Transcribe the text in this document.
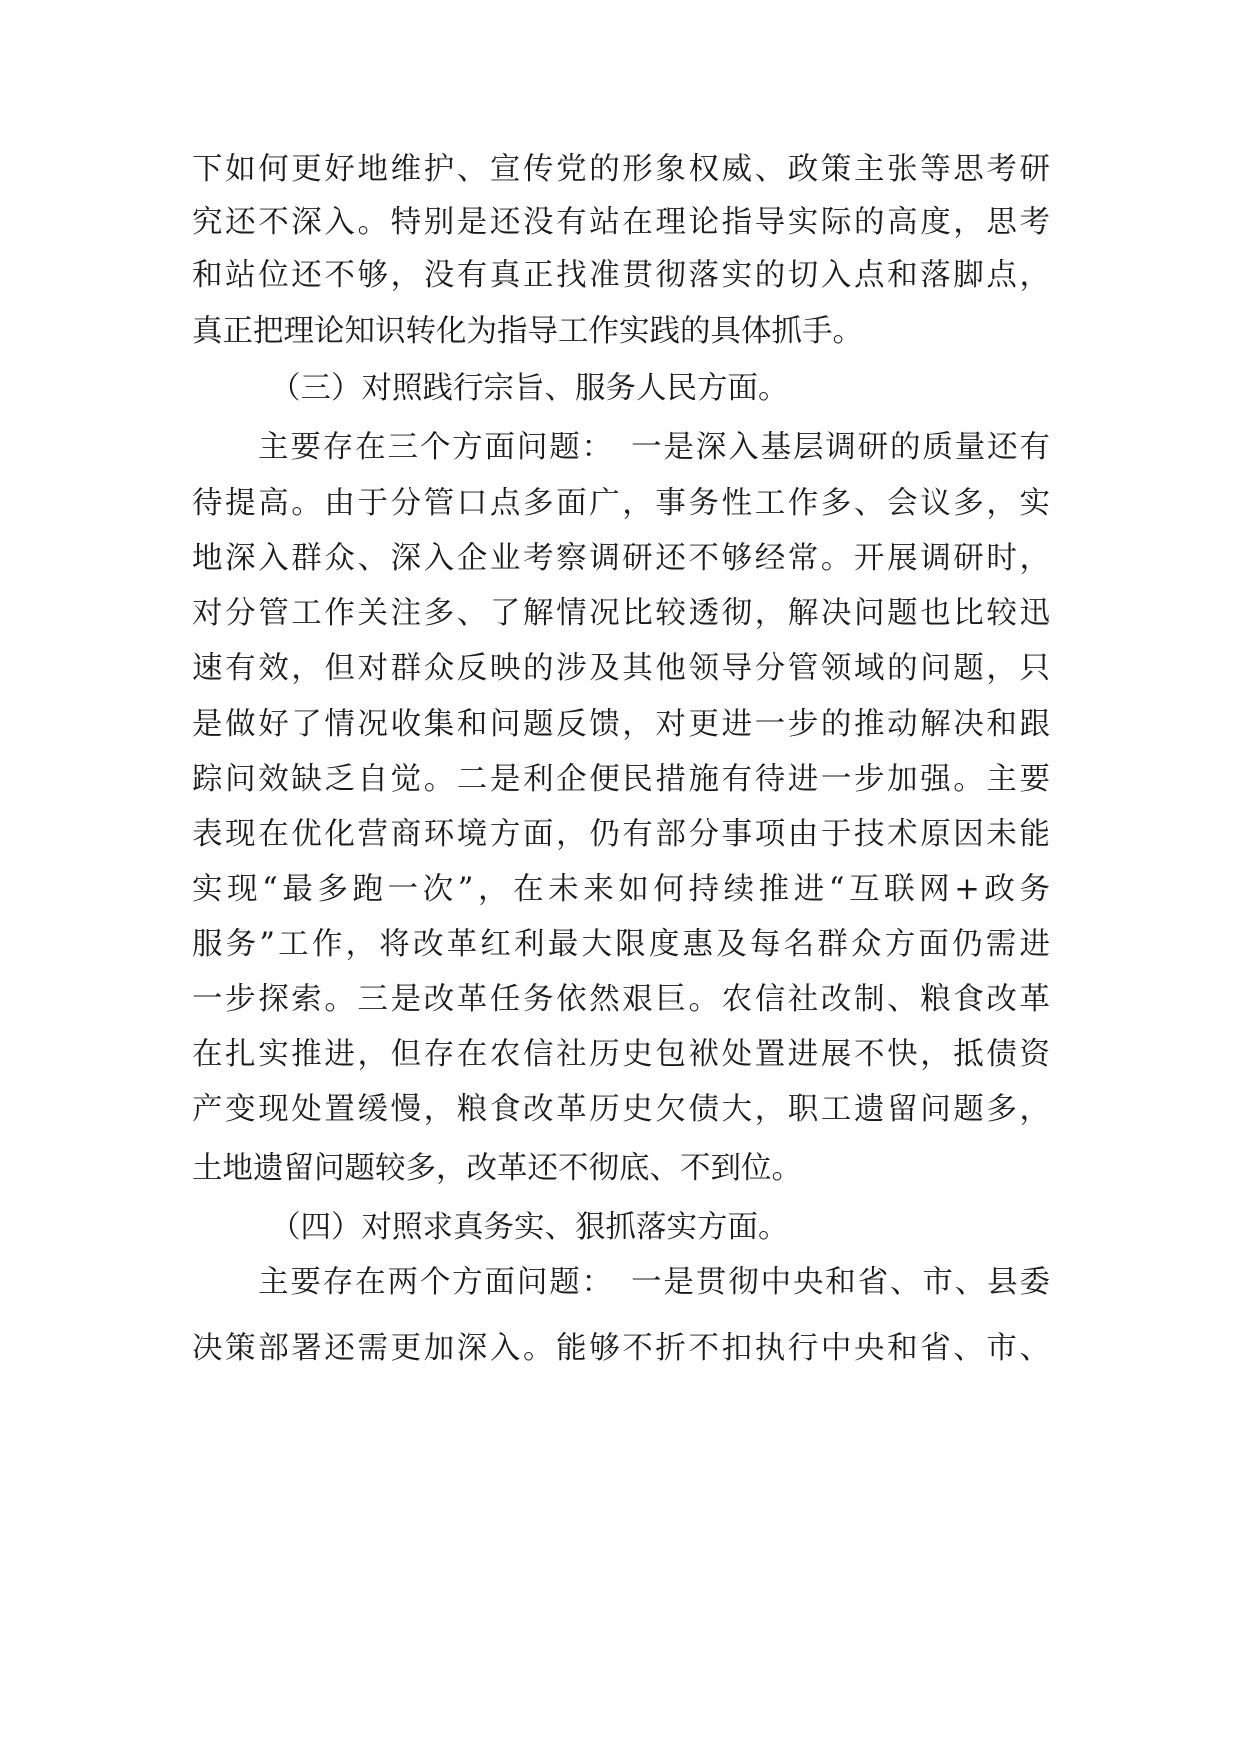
下如何更好地维护、宣传党的形象权威、政策主张等思考研
究还不深入。特别是还没有站在理论指导实际的高度，思考
和站位还不够，没有真正找准贯彻落实的切入点和落脚点，
真正把理论知识转化为指导工作实践的具体抓手。
（三）对照践行宗旨、服务人民方面。
主要存在三个方面问题：　一是深入基层调研的质量还有
待提高。由于分管口点多面广，事务性工作多、会议多，实
地深入群众、深入企业考察调研还不够经常。开展调研时，
对分管工作关注多、了解情况比较透彻，解决问题也比较迅
速有效，但对群众反映的涉及其他领导分管领域的问题，只
是做好了情况收集和问题反馈，对更进一步的推动解决和跟
踪问效缺乏自觉。二是利企便民措施有待进一步加强。主要
表现在优化营商环境方面，仍有部分事项由于技术原因未能
实现“最多跑一次”，在未来如何持续推进“互联网+政务
服务”工作，将改革红利最大限度惠及每名群众方面仍需进
一步探索。三是改革任务依然艰巨。农信社改制、粮食改革
在扎实推进，但存在农信社历史包袱处置进展不快，抵债资
产变现处置缓慢，粮食改革历史欠债大，职工遗留问题多，
土地遗留问题较多，改革还不彻底、不到位。
（四）对照求真务实、狠抓落实方面。
主要存在两个方面问题：　一是贯彻中央和省、市、县委
决策部署还需更加深入。能够不折不扣执行中央和省、市、
